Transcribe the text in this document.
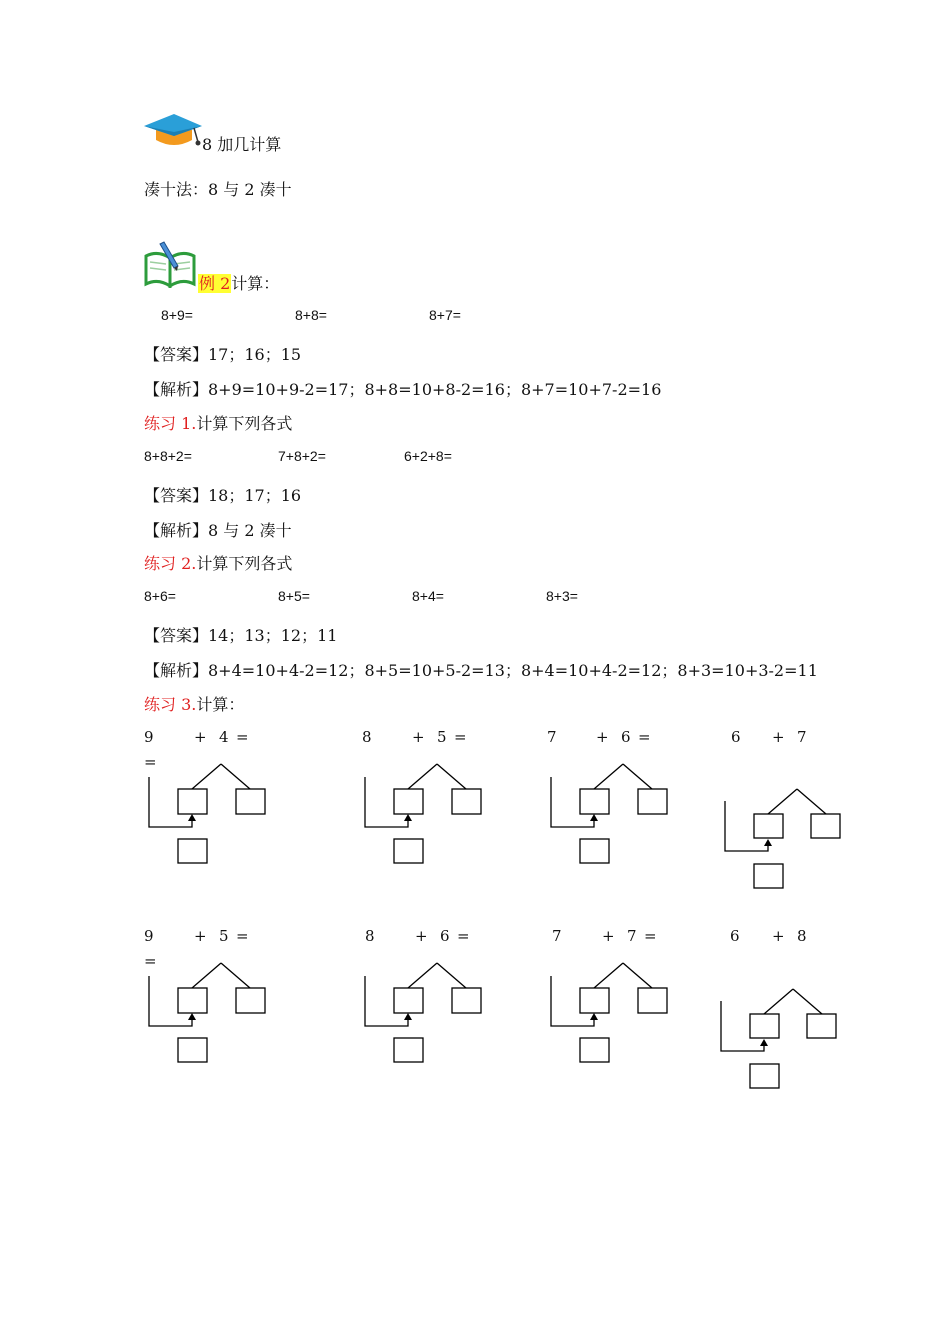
8 加几计算
凑十法：8 与 2 凑十
例 2计算：
8+9=	8+8=	8+7=
【答案】17；16；15
【解析】8+9=10+9-2=17；8+8=10+8-2=16；8+7=10+7-2=16
练习 1.计算下列各式
8+8+2=	7+8+2=	6+2+8=
【答案】18；17；16
【解析】8 与 2 凑十
练习 2.计算下列各式
8+6=	8+5=	8+4=	8+3=
【答案】14；13；12；11
【解析】8+4=10+4-2=12；8+5=10+5-2=13；8+4=10+4-2=12；8+3=10+3-2=11
练习 3.计算：
9	+ 4 =
=
8	+ 5 =	7	+ 6 =	6 + 7
9	+ 5 =
=
8	+ 6 =	7	+ 7 =	6 + 8
